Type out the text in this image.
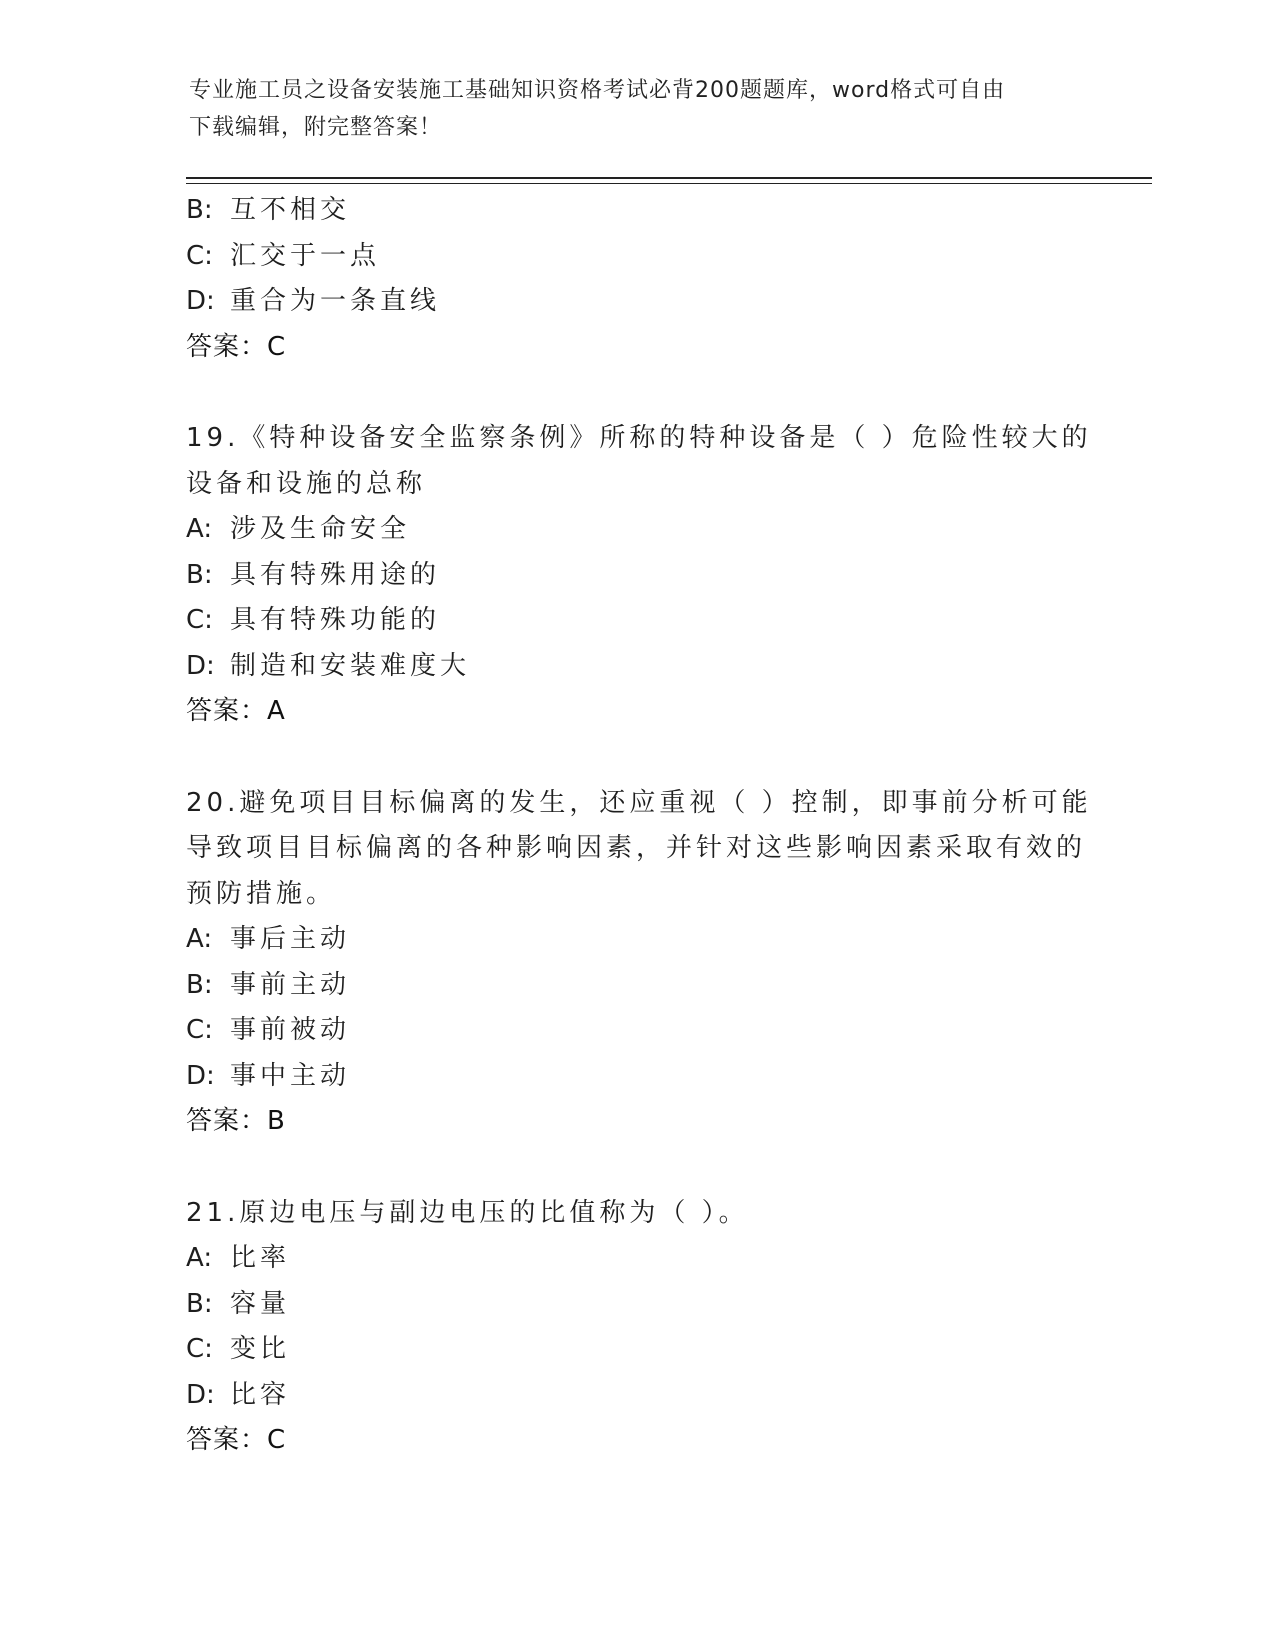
专业施工员之设备安装施工基础知识资格考试必背200题题库，word格式可自由
下载编辑，附完整答案！
B: 互不相交
C: 汇交于一点
D: 重合为一条直线
答案：C
19.《特种设备安全监察条例》所称的特种设备是（ ）危险性较大的
设备和设施的总称
A: 涉及生命安全
B: 具有特殊用途的
C: 具有特殊功能的
D: 制造和安装难度大
答案：A
20.避免项目目标偏离的发生，还应重视（ ）控制，即事前分析可能
导致项目目标偏离的各种影响因素，并针对这些影响因素采取有效的
预防措施。
A: 事后主动
B: 事前主动
C: 事前被动
D: 事中主动
答案：B
21.原边电压与副边电压的比值称为（ ）。
A: 比率
B: 容量
C: 变比
D: 比容
答案：C
